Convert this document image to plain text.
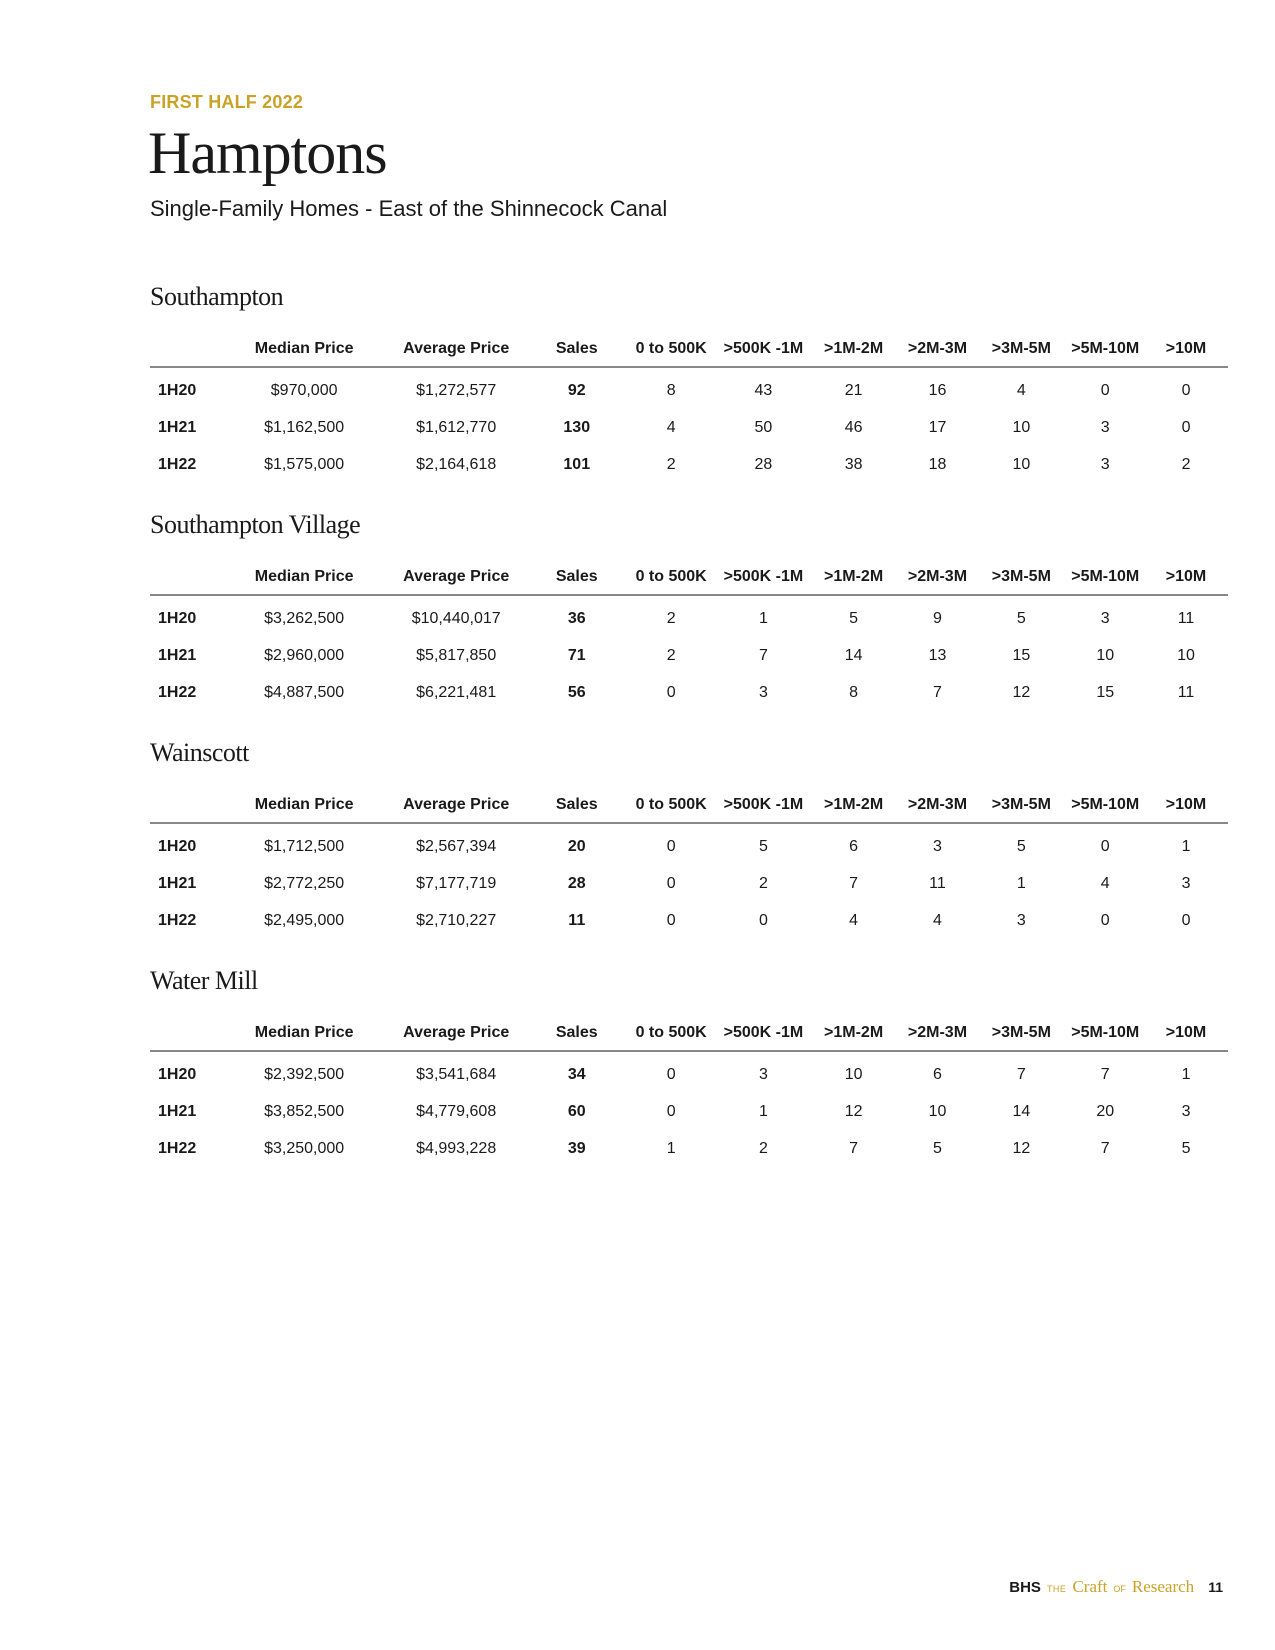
FIRST HALF 2022
Hamptons
Single-Family Homes - East of the Shinnecock Canal
Southampton
	Median Price	Average Price	Sales	0 to 500K	>500K -1M	>1M-2M	>2M-3M	>3M-5M	>5M-10M	>10M
1H20	$970,000	$1,272,577	92	8	43	21	16	4	0	0
1H21	$1,162,500	$1,612,770	130	4	50	46	17	10	3	0
1H22	$1,575,000	$2,164,618	101	2	28	38	18	10	3	2
Southampton Village
	Median Price	Average Price	Sales	0 to 500K	>500K -1M	>1M-2M	>2M-3M	>3M-5M	>5M-10M	>10M
1H20	$3,262,500	$10,440,017	36	2	1	5	9	5	3	11
1H21	$2,960,000	$5,817,850	71	2	7	14	13	15	10	10
1H22	$4,887,500	$6,221,481	56	0	3	8	7	12	15	11
Wainscott
	Median Price	Average Price	Sales	0 to 500K	>500K -1M	>1M-2M	>2M-3M	>3M-5M	>5M-10M	>10M
1H20	$1,712,500	$2,567,394	20	0	5	6	3	5	0	1
1H21	$2,772,250	$7,177,719	28	0	2	7	11	1	4	3
1H22	$2,495,000	$2,710,227	11	0	0	4	4	3	0	0
Water Mill
	Median Price	Average Price	Sales	0 to 500K	>500K -1M	>1M-2M	>2M-3M	>3M-5M	>5M-10M	>10M
1H20	$2,392,500	$3,541,684	34	0	3	10	6	7	7	1
1H21	$3,852,500	$4,779,608	60	0	1	12	10	14	20	3
1H22	$3,250,000	$4,993,228	39	1	2	7	5	12	7	5
BHS THE Craft OF Research 11
